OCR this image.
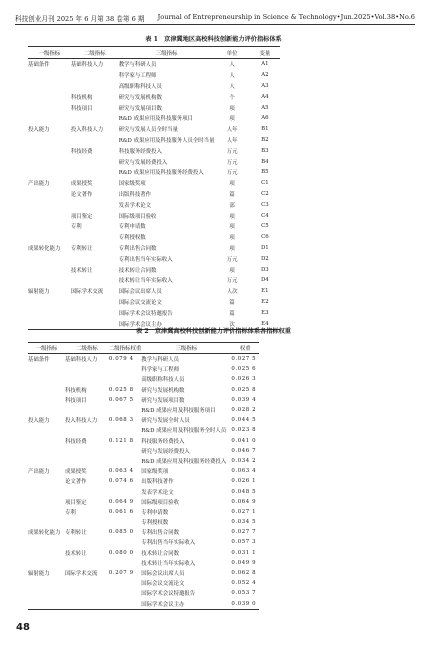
科技创业月刊 2025 年 6 月第 38 卷第 6 期 Journal of Entrepreneurship in Science & Technology•Jun.2025•Vol.38•No.6
表 1　京津冀地区高校科技创新能力评价指标体系
一级指标	二级指标	三级指标	单位	变量
基础条件	基础科技人力	教学与科研人员	人	A1
		科学家与工程师	人	A2
		高级职称科技人员	人	A3
	科技机构	研究与发展机构数	个	A4
	科技项目	研究与发展项目数	项	A5
		R&D 成果应用及科技服务项目	项	A6
投入能力	投入科技人力	研究与发展人员全时当量	人年	B1
		R&D 成果应用及科技服务人员全时当量	人年	B2
	科技经费	科技服务经费投入	万元	B3
		研究与发展经费投入	万元	B4
		R&D 成果应用及科技服务经费投入	万元	B5
产出能力	成果授奖	国家级奖项	项	C1
	论文著作	出版科技著作	篇	C2
		发表学术论文	部	C3
	项目鉴定	国际级项目验收	项	C4
	专利	专利申请数	项	C5
		专利授权数	项	C6
成果转化能力	专利转让	专利出售合同数	项	D1
		专利出售当年实际收入	万元	D2
	技术转让	技术转让合同数	项	D3
		技术转让当年实际收入	万元	D4
辐射能力	国际学术交流	国际会议出席人员	人次	E1
		国际会议交流论文	篇	E2
		国际学术会议特邀报告	篇	E3
		国际学术会议主办	次	E4
表 2　京津冀高校科技创新能力评价指标体系各指标权重
一级指标	二级指标	二级指标权重	三级指标	权重
基础条件	基础科技人力	0.079 4	教学与科研人员	0.027 5
			科学家与工程师	0.025 6
			高级职称科技人员	0.026 3
	科技机构	0.025 8	研究与发展机构数	0.025 8
	科技项目	0.067 5	研究与发展项目数	0.039 4
			R&D 成果应用及科技服务项目	0.028 2
投入能力	投入科技人力	0.068 3	研究与发展全时人员	0.044 5
			R&D 成果应用及科技服务全时人员	0.023 8
	科技经费	0.121 8	科技服务经费投入	0.041 0
			研究与发展经费投入	0.046 7
			R&D 成果应用及科技服务经费投入	0.034 2
产出能力	成果授奖	0.063 4	国家级奖项	0.063 4
	论文著作	0.074 6	出版科技著作	0.026 1
			发表学术论文	0.048 5
	项目鉴定	0.064 9	国际级项目验收	0.064 9
	专利	0.061 6	专利申请数	0.027 1
			专利授权数	0.034 5
成果转化能力	专利转让	0.085 0	专利出售合同数	0.027 7
			专利出售当年实际收入	0.057 3
	技术转让	0.080 0	技术转让合同数	0.031 1
			技术转让当年实际收入	0.049 9
辐射能力	国际学术交流	0.207 9	国际会议出席人员	0.062 8
			国际会议交流论文	0.052 4
			国际学术会议特邀报告	0.053 7
			国际学术会议主办	0.039 0
48
